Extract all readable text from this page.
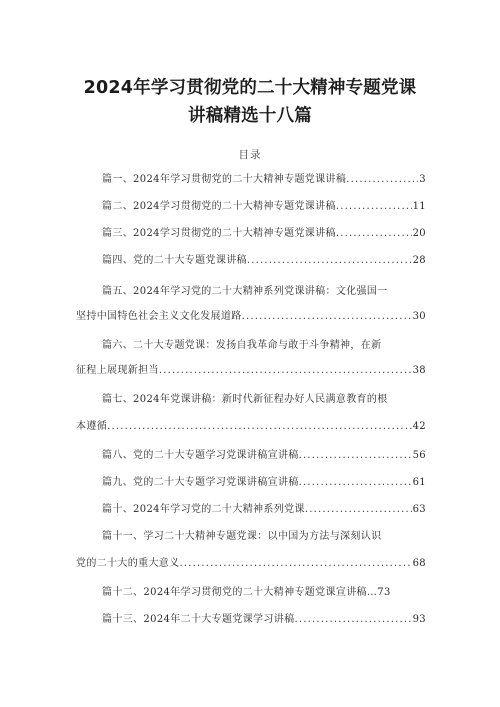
2024年学习贯彻党的二十大精神专题党课
讲稿精选十八篇
目录
篇一、2024年学习贯彻党的二十大精神专题党课讲稿 .....	3
篇二、2024学习贯彻党的二十大精神专题党课讲稿 .....	11
篇三、2024学习贯彻党的二十大精神专题党课讲稿 .....	20
篇四、党的二十大专题党课讲稿 .....	28
篇五、2024年学习党的二十大精神系列党课讲稿：文化强国一
坚持中国特色社会主义文化发展道路 .....	30
篇六、二十大专题党课：发扬自我革命与敢于斗争精神，在新
征程上展现新担当 .....	38
篇七、2024年党课讲稿：新时代新征程办好人民满意教育的根
本遵循 .....	42
篇八、党的二十大专题学习党课讲稿宣讲稿 .....	56
篇九、党的二十大专题学习党课讲稿宣讲稿 .....	61
篇十、2024年学习党的二十大精神系列党课 .....	63
篇十一、学习二十大精神专题党课：以中国为方法与深刻认识
党的二十大的重大意义 .....	68
篇十二、2024年学习贯彻党的二十大精神专题党课宣讲稿…73
篇十三、2024年二十大专题党课学习讲稿 .....	93
